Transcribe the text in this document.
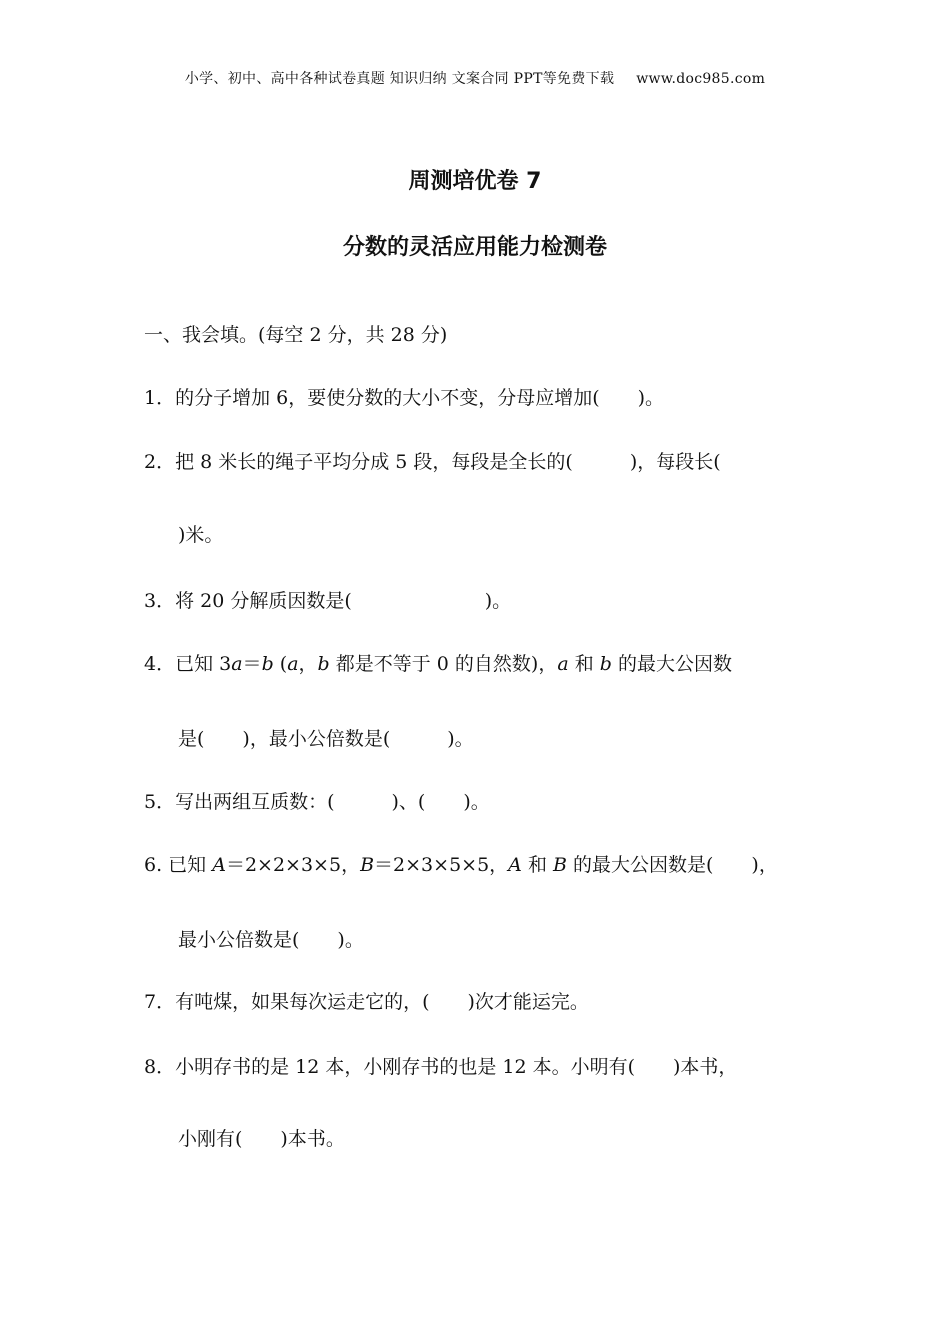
小学、初中、高中各种试卷真题 知识归纳 文案合同 PPT等免费下载 www.doc985.com
周测培优卷 7
分数的灵活应用能力检测卷
一、我会填。(每空 2 分，共 28 分)
1．的分子增加 6，要使分数的大小不变，分母应增加(　　)。
2．把 8 米长的绳子平均分成 5 段，每段是全长的(　　　)，每段长(
)米。
3．将 20 分解质因数是(　　　　　　　)。
4．已知 3a＝b (a，b 都是不等于 0 的自然数)，a 和 b 的最大公因数
是(　　)，最小公倍数是(　　　)。
5．写出两组互质数：(　　　)、(　　)。
6. 已知 A＝2×2×3×5，B＝2×3×5×5，A 和 B 的最大公因数是(　　)，
最小公倍数是(　　)。
7．有吨煤，如果每次运走它的，(　　)次才能运完。
8．小明存书的是 12 本，小刚存书的也是 12 本。小明有(　　)本书，
小刚有(　　)本书。
